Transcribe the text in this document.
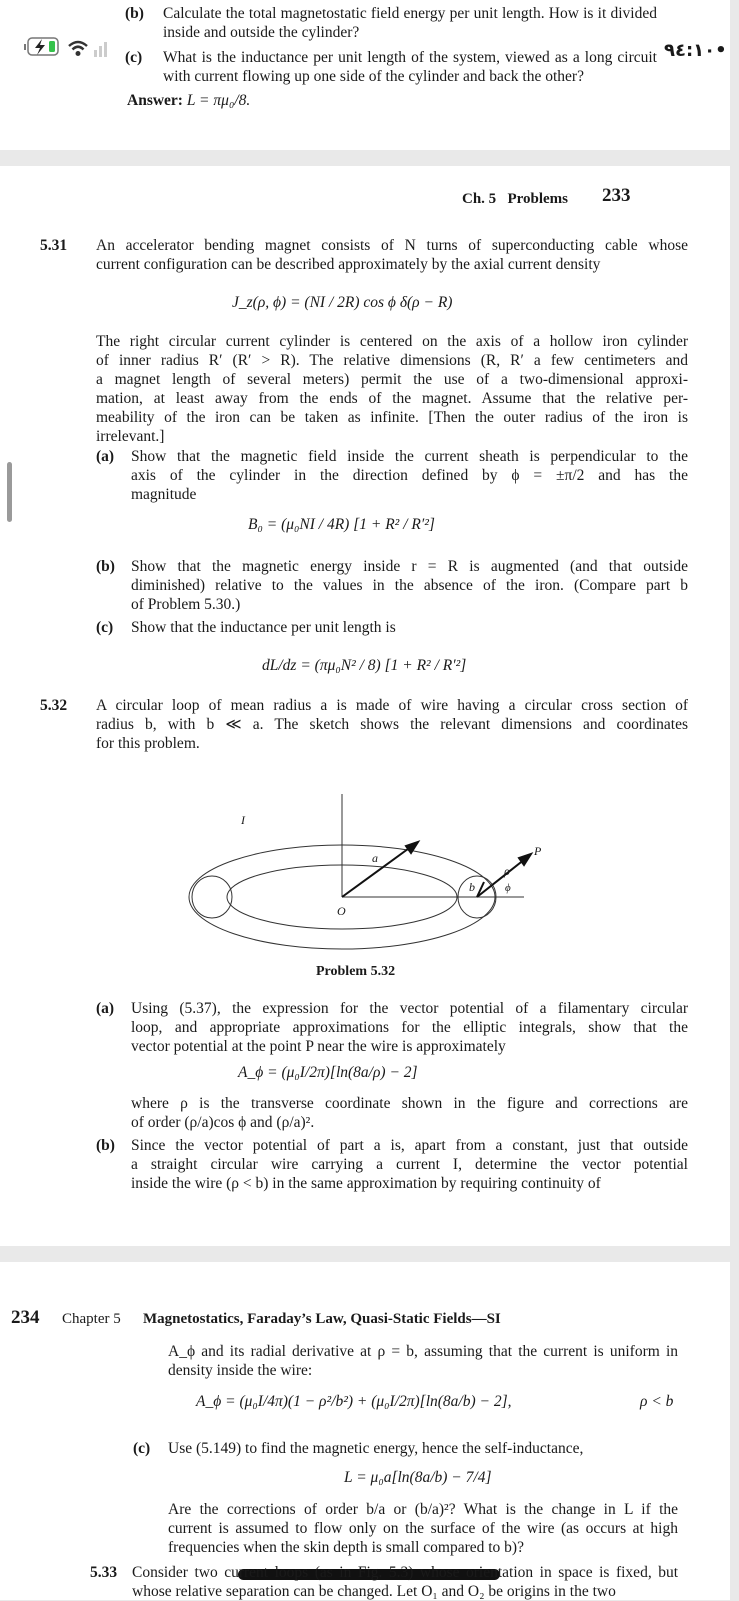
(b)
(c)
Answer: L = πμ₀/8.
Calculate the total magnetostatic field energy per unit length. How is it divided
inside and outside the cylinder?
What is the inductance per unit length of the system, viewed as a long circuit
with current flowing up one side of the cylinder and back the other?
٩٤:١٠•
Ch. 5 Problems 233
5.31
J_z(ρ, ϕ) = (NI / 2R) cos ϕ δ(ρ − R)
(a)
B₀ = (μ₀NI / 4R) [1 + R² / R′²]
(b)
(c)
dL/dz = (πμ₀N² / 8) [1 + R² / R′²]
5.32
I
a
O
b
ρ
ϕ
P
Problem 5.32
(a)
A_ϕ = (μ₀I/2π)[ln(8a/ρ) − 2]
(b)
An accelerator bending magnet consists of N turns of superconducting cable whose
current configuration can be described approximately by the axial current density
The right circular current cylinder is centered on the axis of a hollow iron cylinder
of inner radius R′ (R′ > R). The relative dimensions (R, R′ a few centimeters and
a magnet length of several meters) permit the use of a two-dimensional approxi-
mation, at least away from the ends of the magnet. Assume that the relative per-
meability of the iron can be taken as infinite. [Then the outer radius of the iron is
irrelevant.]
Show that the magnetic field inside the current sheath is perpendicular to the
axis of the cylinder in the direction defined by ϕ = ±π/2 and has the
magnitude
Show that the magnetic energy inside r = R is augmented (and that outside
diminished) relative to the values in the absence of the iron. (Compare part b
of Problem 5.30.)
Show that the inductance per unit length is
A circular loop of mean radius a is made of wire having a circular cross section of
radius b, with b ≪ a. The sketch shows the relevant dimensions and coordinates
for this problem.
Using (5.37), the expression for the vector potential of a filamentary circular
loop, and appropriate approximations for the elliptic integrals, show that the
vector potential at the point P near the wire is approximately
where ρ is the transverse coordinate shown in the figure and corrections are
of order (ρ/a)cos ϕ and (ρ/a)².
Since the vector potential of part a is, apart from a constant, just that outside
a straight circular wire carrying a current I, determine the vector potential
inside the wire (ρ < b) in the same approximation by requiring continuity of
234 Chapter 5 Magnetostatics, Faraday’s Law, Quasi-Static Fields—SI
A_ϕ = (μ₀I/4π)(1 − ρ²/b²) + (μ₀I/2π)[ln(8a/b) − 2],	ρ < b
(c)
L = μ₀a[ln(8a/b) − 7/4]
5.33
A_ϕ and its radial derivative at ρ = b, assuming that the current is uniform in
density inside the wire:
Use (5.149) to find the magnetic energy, hence the self-inductance,
Are the corrections of order b/a or (b/a)²? What is the change in L if the
current is assumed to flow only on the surface of the wire (as occurs at high
frequencies when the skin depth is small compared to b)?
Consider two current loops (as in Fig. 5.3) whose orientation in space is fixed, but
whose relative separation can be changed. Let O₁ and O₂ be origins in the two
